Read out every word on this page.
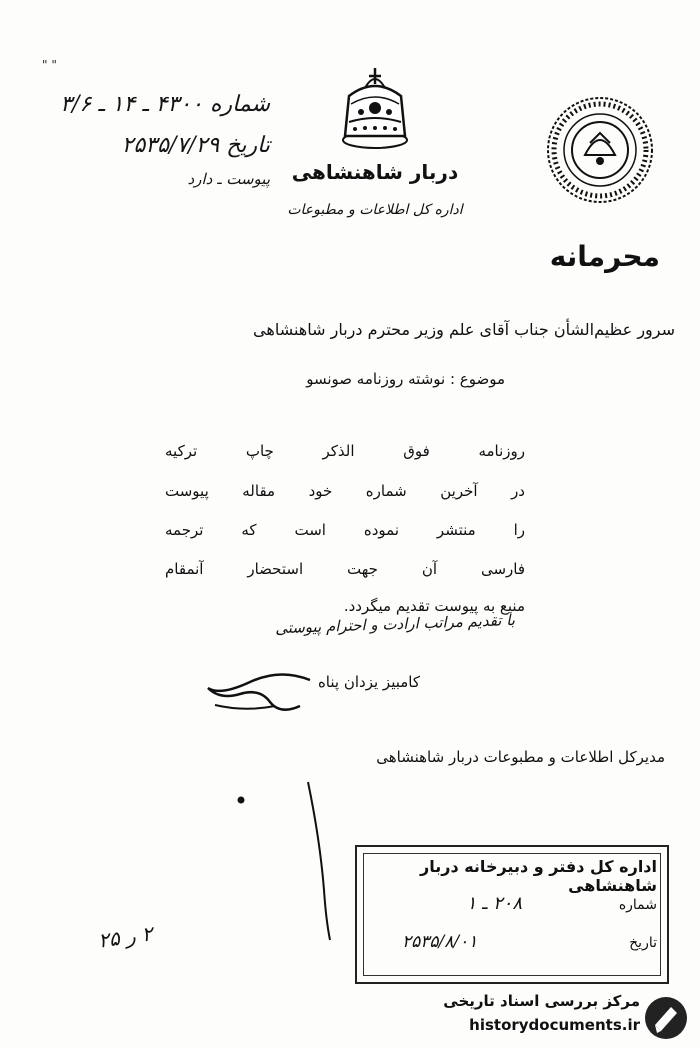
دربار شاهنشاهی
اداره کل اطلاعات و مطبوعات
" "
شماره ۴۳۰۰ ـ ۱۴ ـ ۳/۶
تاریخ ۲۵۳۵/۷/۲۹
پیوست ـ دارد
محرمانه
سرور عظیم‌الشأن جناب آقای علم وزیر محترم دربار شاهنشاهی
موضوع : نوشته روزنامه صونسو
روزنامه فوق الذکر چاپ ترکیه
در آخرین شماره خود مقاله پیوست
را منتشر نموده است که ترجمه
فارسی آن جهت استحضار آنمقام
منیع به پیوست تقدیم میگردد.
با تقدیم مراتب ارادت و احترام پیوستی
کامبیز یزدان پناه
مدیرکل اطلاعات و مطبوعات دربار شاهنشاهی
۲ ر ۲۵
اداره کل دفتر و دبیرخانه دربار شاهنشاهی
شماره
۲۰۸ ـ ۱
تاریخ
۲۵۳۵/۸/۰۱
مرکز بررسی اسناد تاریخی
historydocuments.ir
